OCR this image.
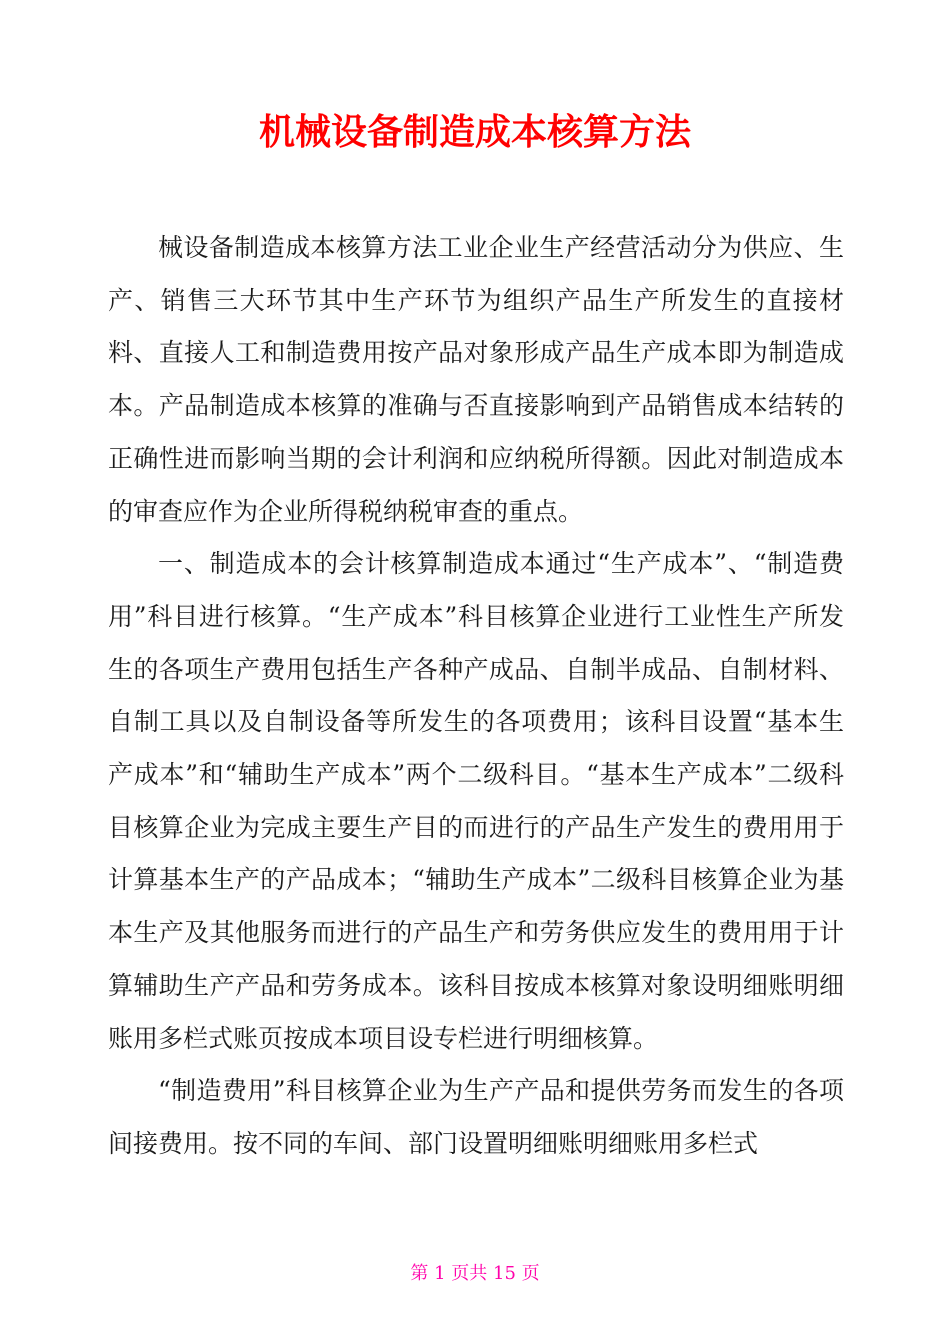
机械设备制造成本核算方法

械设备制造成本核算方法工业企业生产经营活动分为供应、生产、销售三大环节其中生产环节为组织产品生产所发生的直接材料、直接人工和制造费用按产品对象形成产品生产成本即为制造成本。产品制造成本核算的准确与否直接影响到产品销售成本结转的正确性进而影响当期的会计利润和应纳税所得额。因此对制造成本的审查应作为企业所得税纳税审查的重点。

一、制造成本的会计核算制造成本通过“生产成本”、“制造费用”科目进行核算。“生产成本”科目核算企业进行工业性生产所发生的各项生产费用包括生产各种产成品、自制半成品、自制材料、自制工具以及自制设备等所发生的各项费用；该科目设置“基本生产成本”和“辅助生产成本”两个二级科目。“基本生产成本”二级科目核算企业为完成主要生产目的而进行的产品生产发生的费用用于计算基本生产的产品成本；“辅助生产成本”二级科目核算企业为基本生产及其他服务而进行的产品生产和劳务供应发生的费用用于计算辅助生产产品和劳务成本。该科目按成本核算对象设明细账明细账用多栏式账页按成本项目设专栏进行明细核算。

“制造费用”科目核算企业为生产产品和提供劳务而发生的各项间接费用。按不同的车间、部门设置明细账明细账用多栏式

第 1 页共 15 页
